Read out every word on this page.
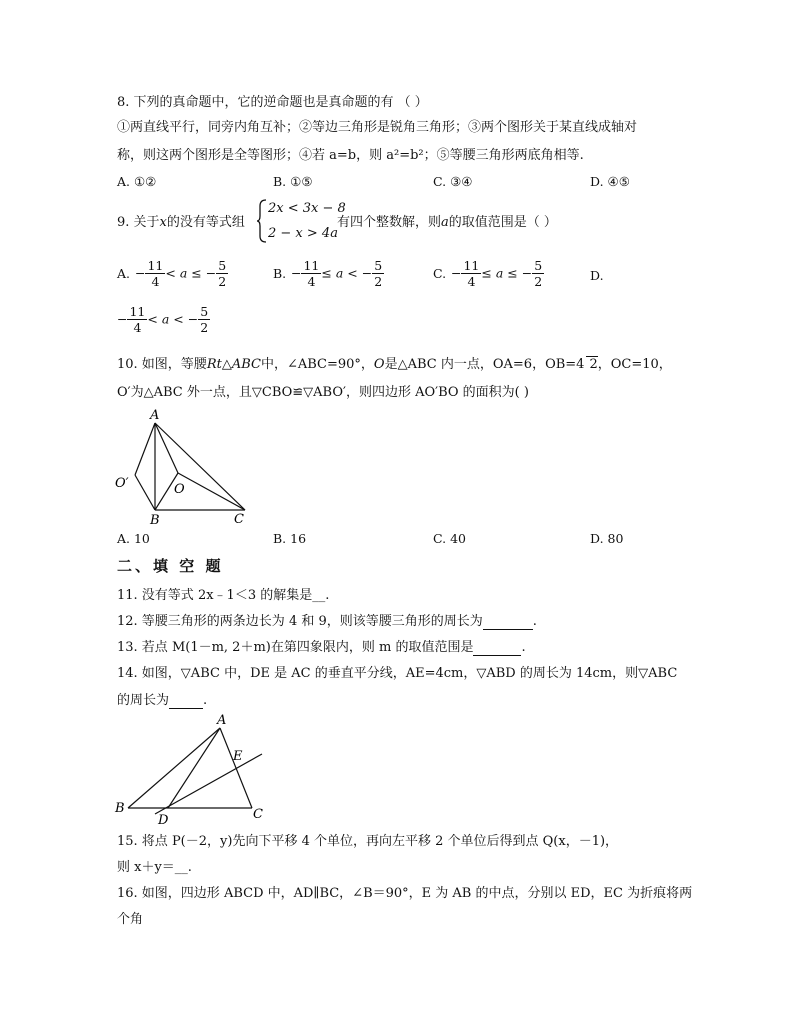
8. 下列的真命题中，它的逆命题也是真命题的有 （ ）
①两直线平行，同旁内角互补；②等边三角形是锐角三角形；③两个图形关于某直线成轴对
称，则这两个图形是全等图形；④若 a=b，则 a²=b²；⑤等腰三角形两底角相等.
A. ①②	B. ①⑤	C. ③④	D. ④⑤
9. 关于x的没有等式组
2x < 3x − 8
2 − x > 4a
有四个整数解，则a的取值范围是（ ）
A. − $\frac{11}{4} < a$ ≤ − $\frac{5}{2}$	B. − $\frac{11}{4} \le a$ < − $\frac{5}{2}$	C. − $\frac{11}{4} \le a$ ≤ − $\frac{5}{2}$	D.
− $\frac{11}{4} < a$ < − $\frac{5}{2}$
10. 如图，等腰Rt△ABC中，∠ABC=90°，O是△ABC 内一点，OA=6，OB=4 2，OC=10，
O′为△ABC 外一点，且▽CBO≌▽ABO′，则四边形 AO′BO 的面积为( )
A
O′	O
B	C
A. 10	B. 16	C. 40	D. 80
二、填 空 题
11. 没有等式 2x﹣1＜3 的解集是__.
12. 等腰三角形的两条边长为 4 和 9，则该等腰三角形的周长为	.
13. 若点 M(1－m, 2＋m)在第四象限内，则 m 的取值范围是	.
14. 如图，▽ABC 中，DE 是 AC 的垂直平分线，AE=4cm，▽ABD 的周长为 14cm，则▽ABC
的周长为	.
A
E
B
D	C
15. 将点 P(－2，y)先向下平移 4 个单位，再向左平移 2 个单位后得到点 Q(x，－1)，
则 x＋y＝__.
16. 如图，四边形 ABCD 中，AD∥BC，∠B＝90°，E 为 AB 的中点，分别以 ED，EC 为折痕将两
个角
